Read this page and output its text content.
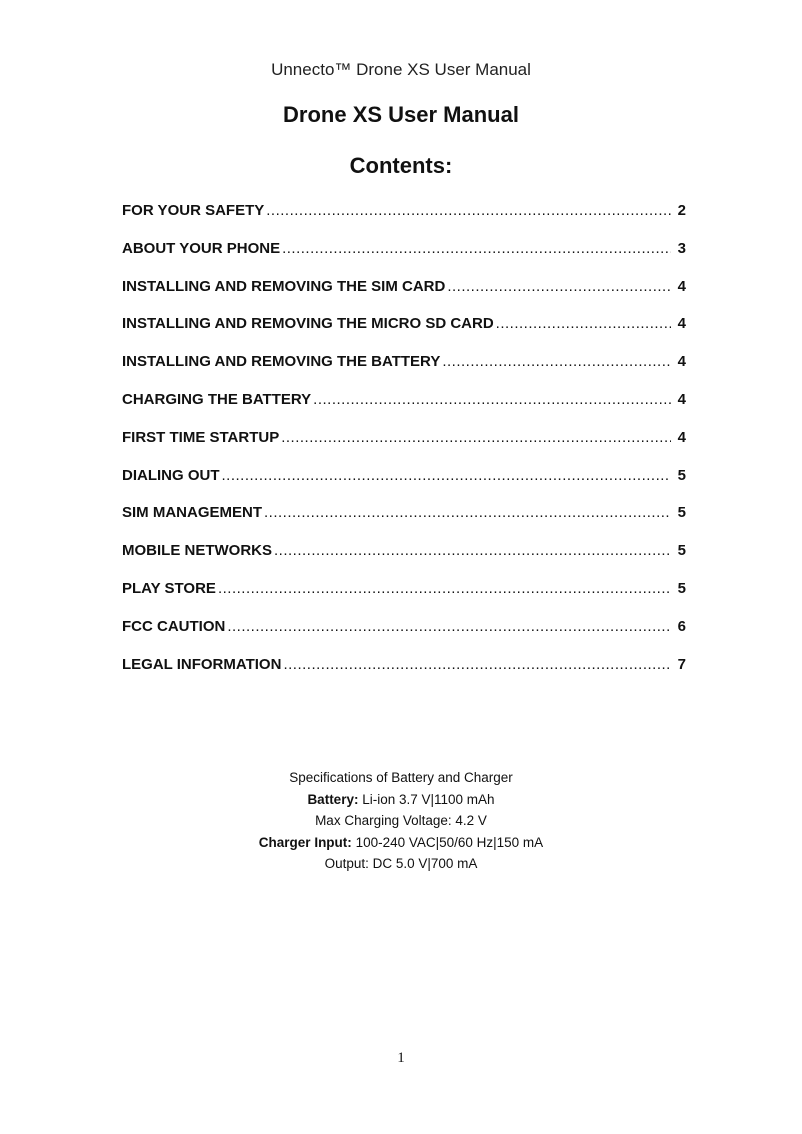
Unnecto™ Drone XS User Manual
Drone XS User Manual
Contents:
FOR YOUR SAFETY .....	2
ABOUT YOUR PHONE .....	3
INSTALLING AND REMOVING THE SIM CARD .....	4
INSTALLING AND REMOVING THE MICRO SD CARD .....	4
INSTALLING AND REMOVING THE BATTERY .....	4
CHARGING THE BATTERY .....	4
FIRST TIME STARTUP .....	4
DIALING OUT .....	5
SIM MANAGEMENT .....	5
MOBILE NETWORKS .....	5
PLAY STORE .....	5
FCC CAUTION .....	6
LEGAL INFORMATION .....	7
Specifications of Battery and Charger
Battery: Li-ion 3.7 V|1100 mAh
Max Charging Voltage: 4.2 V
Charger Input: 100-240 VAC|50/60 Hz|150 mA
Output: DC 5.0 V|700 mA
1
